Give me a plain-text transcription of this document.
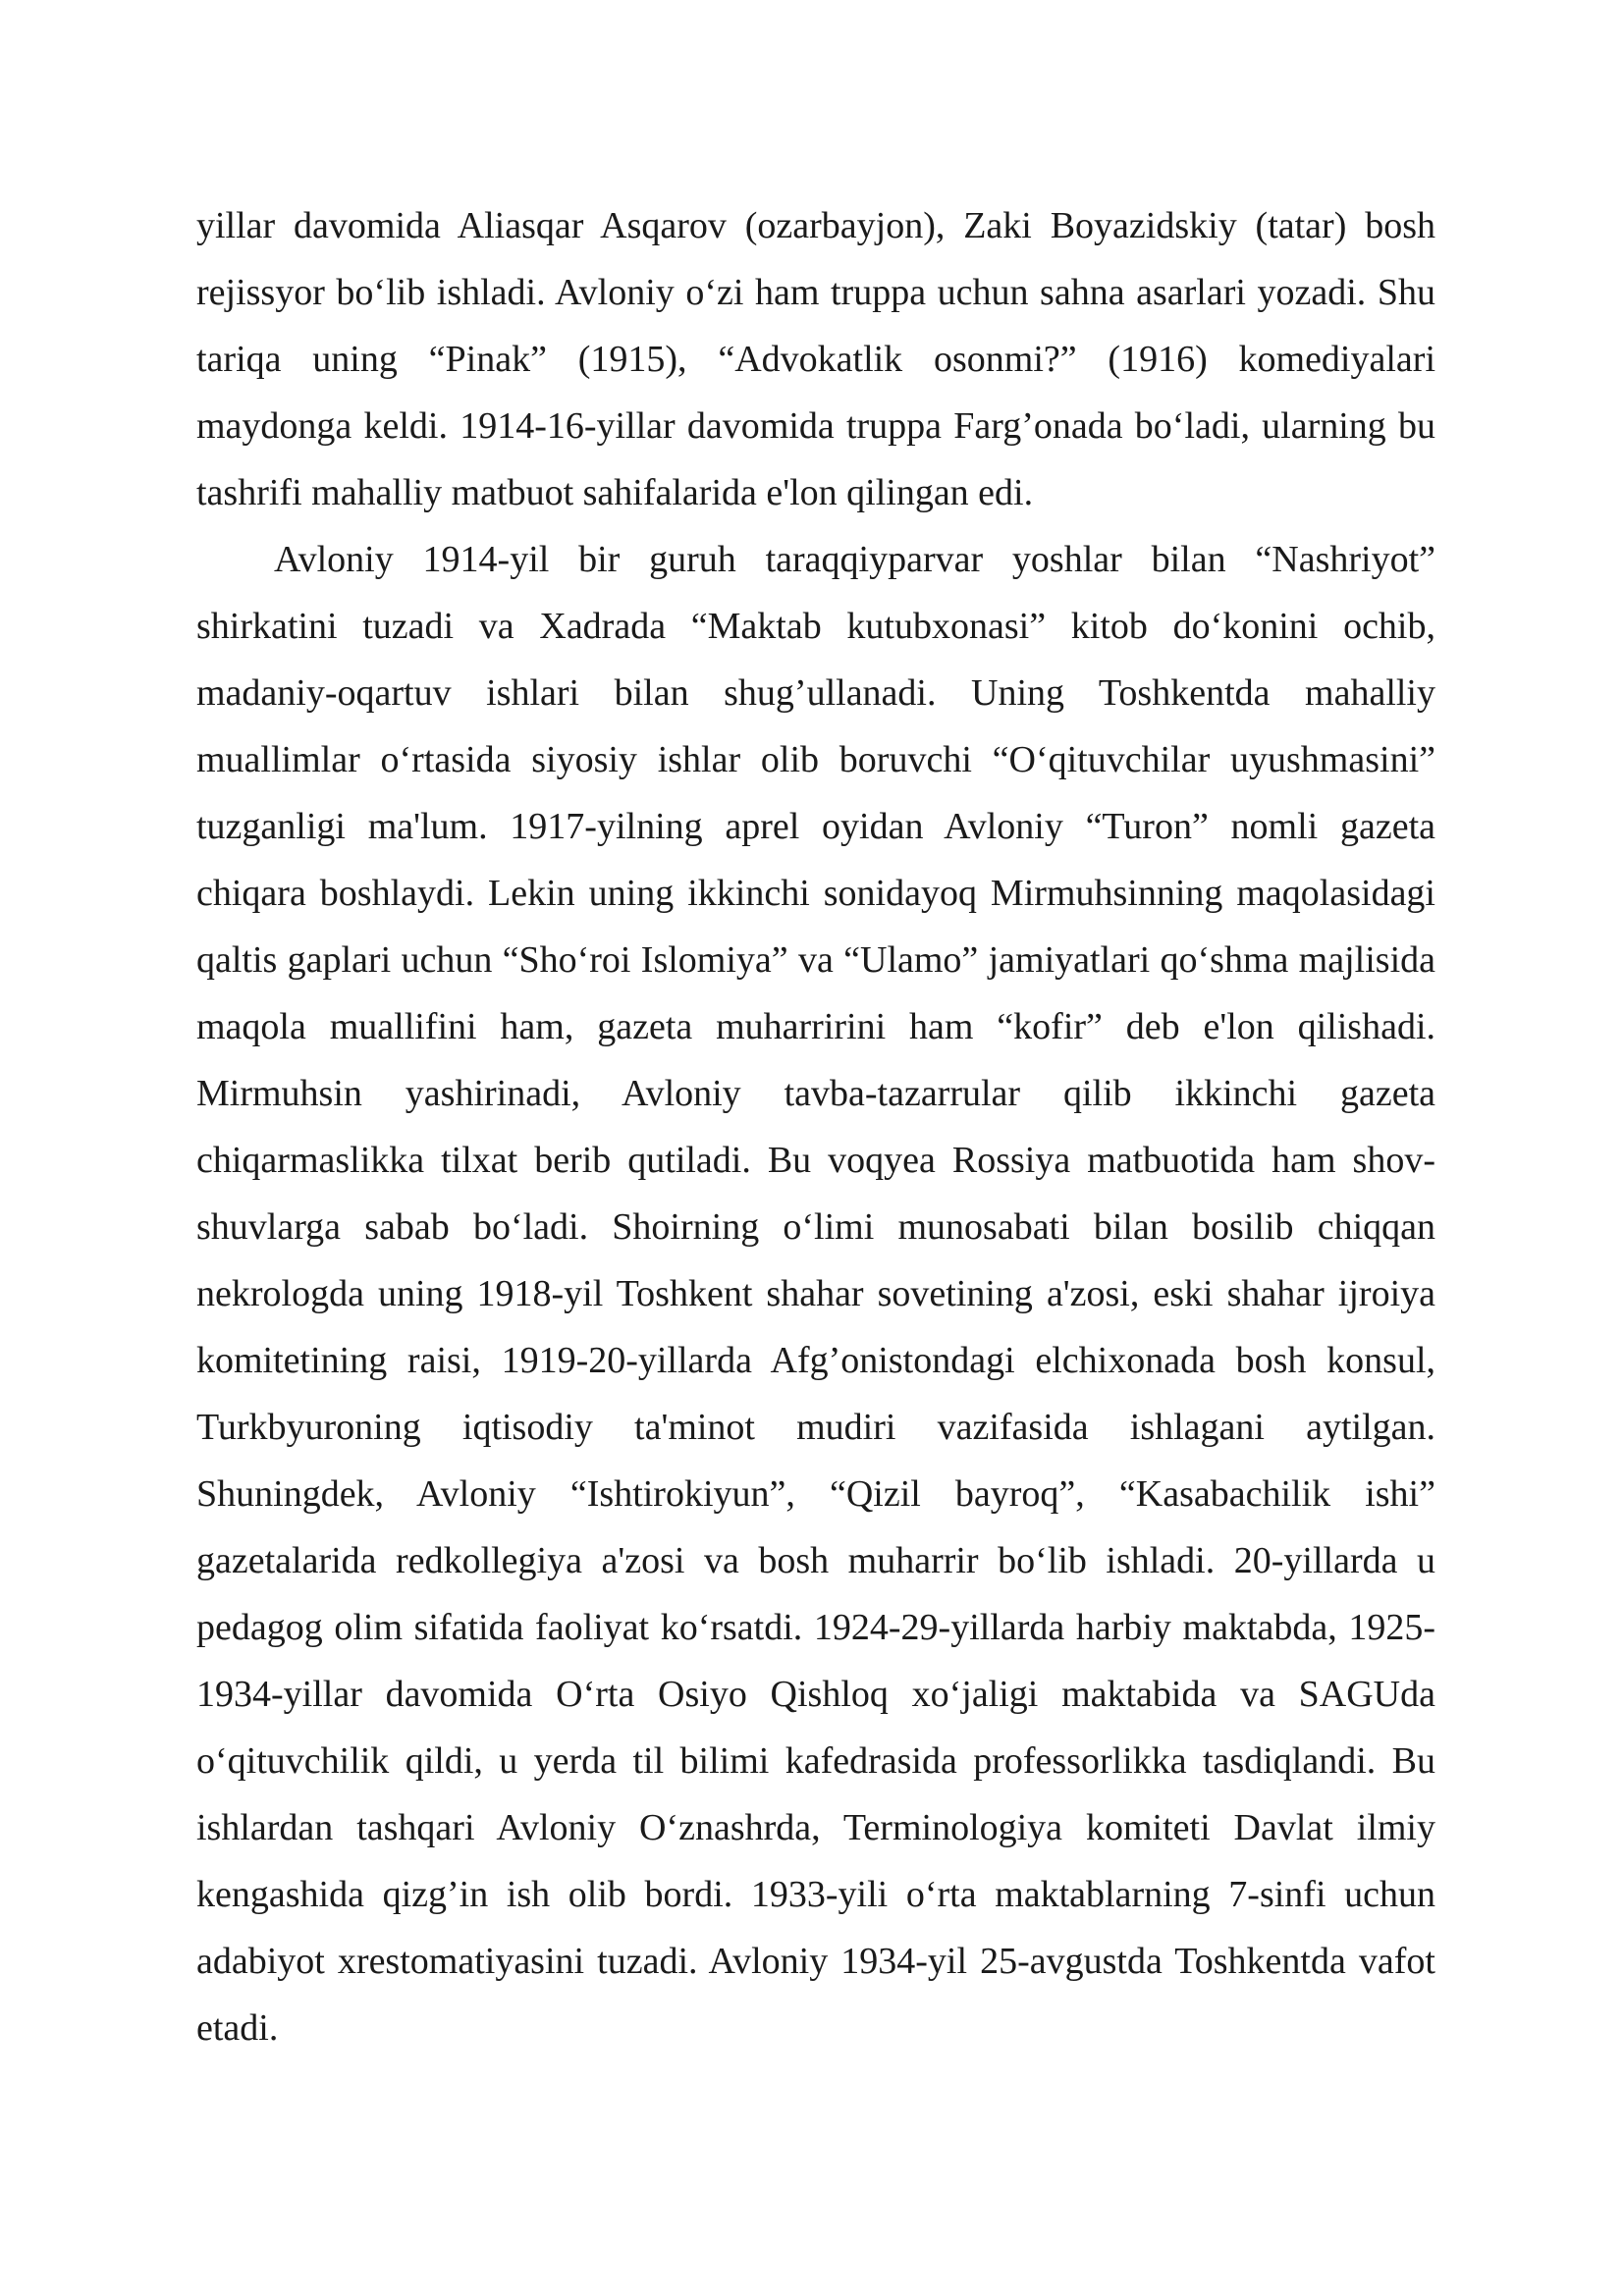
yillar davomida Aliasqar Asqarov (ozarbayjon), Zaki Boyazidskiy (tatar) bosh rejissyor bo‘lib ishladi. Avloniy o‘zi ham truppa uchun sahna asarlari yozadi. Shu tariqa uning “Pinak” (1915), “Advokatlik osonmi?” (1916) komediyalari maydonga keldi. 1914-16-yillar davomida truppa Farg’onada bo‘ladi, ularning bu tashrifi mahalliy matbuot sahifalarida e'lon qilingan edi.

Avloniy 1914-yil bir guruh taraqqiyparvar yoshlar bilan “Nashriyot” shirkatini tuzadi va Xadrada “Maktab kutubxonasi” kitob do‘konini ochib, madaniy-oqartuv ishlari bilan shug’ullanadi. Uning Toshkentda mahalliy muallimlar o‘rtasida siyosiy ishlar olib boruvchi “O‘qituvchilar uyushmasini” tuzganligi ma'lum. 1917-yilning aprel oyidan Avloniy “Turon” nomli gazeta chiqara boshlaydi. Lekin uning ikkinchi sonidayoq Mirmuhsinning maqolasidagi qaltis gaplari uchun “Sho‘roi Islomiya” va “Ulamo” jamiyatlari qo‘shma majlisida maqola muallifini ham, gazeta muharririni ham “kofir” deb e'lon qilishadi. Mirmuhsin yashirinadi, Avloniy tavba-tazarrular qilib ikkinchi gazeta chiqarmaslikka tilxat berib qutiladi. Bu voqyea Rossiya matbuotida ham shov-shuvlarga sabab bo‘ladi. Shoirning o‘limi munosabati bilan bosilib chiqqan nekrologda uning 1918-yil Toshkent shahar sovetining a'zosi, eski shahar ijroiya komitetining raisi, 1919-20-yillarda Afg’onistondagi elchixonada bosh konsul, Turkbyuroning iqtisodiy ta'minot mudiri vazifasida ishlagani aytilgan. Shuningdek, Avloniy “Ishtirokiyun”, “Qizil bayroq”, “Kasabachilik ishi” gazetalarida redkollegiya a'zosi va bosh muharrir bo‘lib ishladi. 20-yillarda u pedagog olim sifatida faoliyat ko‘rsatdi. 1924-29-yillarda harbiy maktabda, 1925-1934-yillar davomida O‘rta Osiyo Qishloq xo‘jaligi maktabida va SAGUda o‘qituvchilik qildi, u yerda til bilimi kafedrasida professorlikka tasdiqlandi. Bu ishlardan tashqari Avloniy O‘znashrda, Terminologiya komiteti Davlat ilmiy kengashida qizg’in ish olib bordi. 1933-yili o‘rta maktablarning 7-sinfi uchun adabiyot xrestomatiyasini tuzadi. Avloniy 1934-yil 25-avgustda Toshkentda vafot etadi.
